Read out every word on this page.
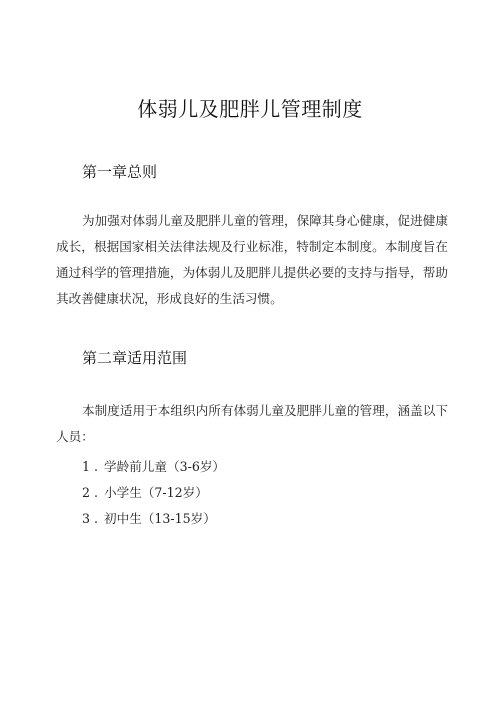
体弱儿及肥胖儿管理制度
第一章总则
为加强对体弱儿童及肥胖儿童的管理，保障其身心健康，促进健康成长，根据国家相关法律法规及行业标准，特制定本制度。本制度旨在通过科学的管理措施，为体弱儿及肥胖儿提供必要的支持与指导，帮助其改善健康状况，形成良好的生活习惯。
第二章适用范围
本制度适用于本组织内所有体弱儿童及肥胖儿童的管理，涵盖以下人员：
1 . 学龄前儿童（3-6岁）
2 . 小学生（7-12岁）
3 . 初中生（13-15岁）
